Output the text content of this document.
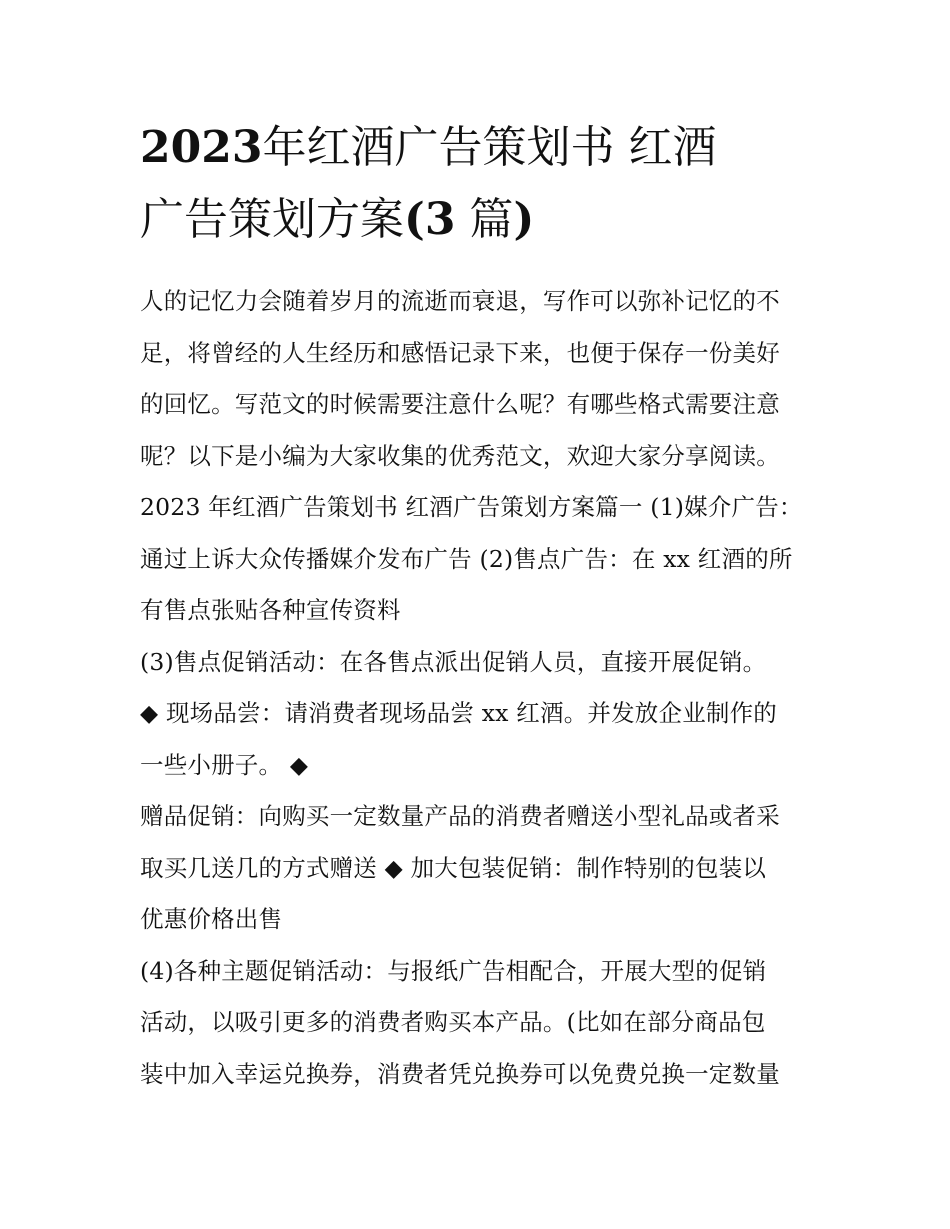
2023年红酒广告策划书 红酒
广告策划方案(3 篇)
人的记忆力会随着岁月的流逝而衰退，写作可以弥补记忆的不
足，将曾经的人生经历和感悟记录下来，也便于保存一份美好
的回忆。写范文的时候需要注意什么呢？有哪些格式需要注意
呢？以下是小编为大家收集的优秀范文，欢迎大家分享阅读。
2023 年红酒广告策划书 红酒广告策划方案篇一 (1)媒介广告：
通过上诉大众传播媒介发布广告 (2)售点广告：在 xx 红酒的所
有售点张贴各种宣传资料
(3)售点促销活动：在各售点派出促销人员，直接开展促销。
◆ 现场品尝：请消费者现场品尝 xx 红酒。并发放企业制作的
一些小册子。 ◆
赠品促销：向购买一定数量产品的消费者赠送小型礼品或者采
取买几送几的方式赠送 ◆ 加大包装促销：制作特别的包装以
优惠价格出售
(4)各种主题促销活动：与报纸广告相配合，开展大型的促销
活动，以吸引更多的消费者购买本产品。(比如在部分商品包
装中加入幸运兑换券，消费者凭兑换券可以免费兑换一定数量
